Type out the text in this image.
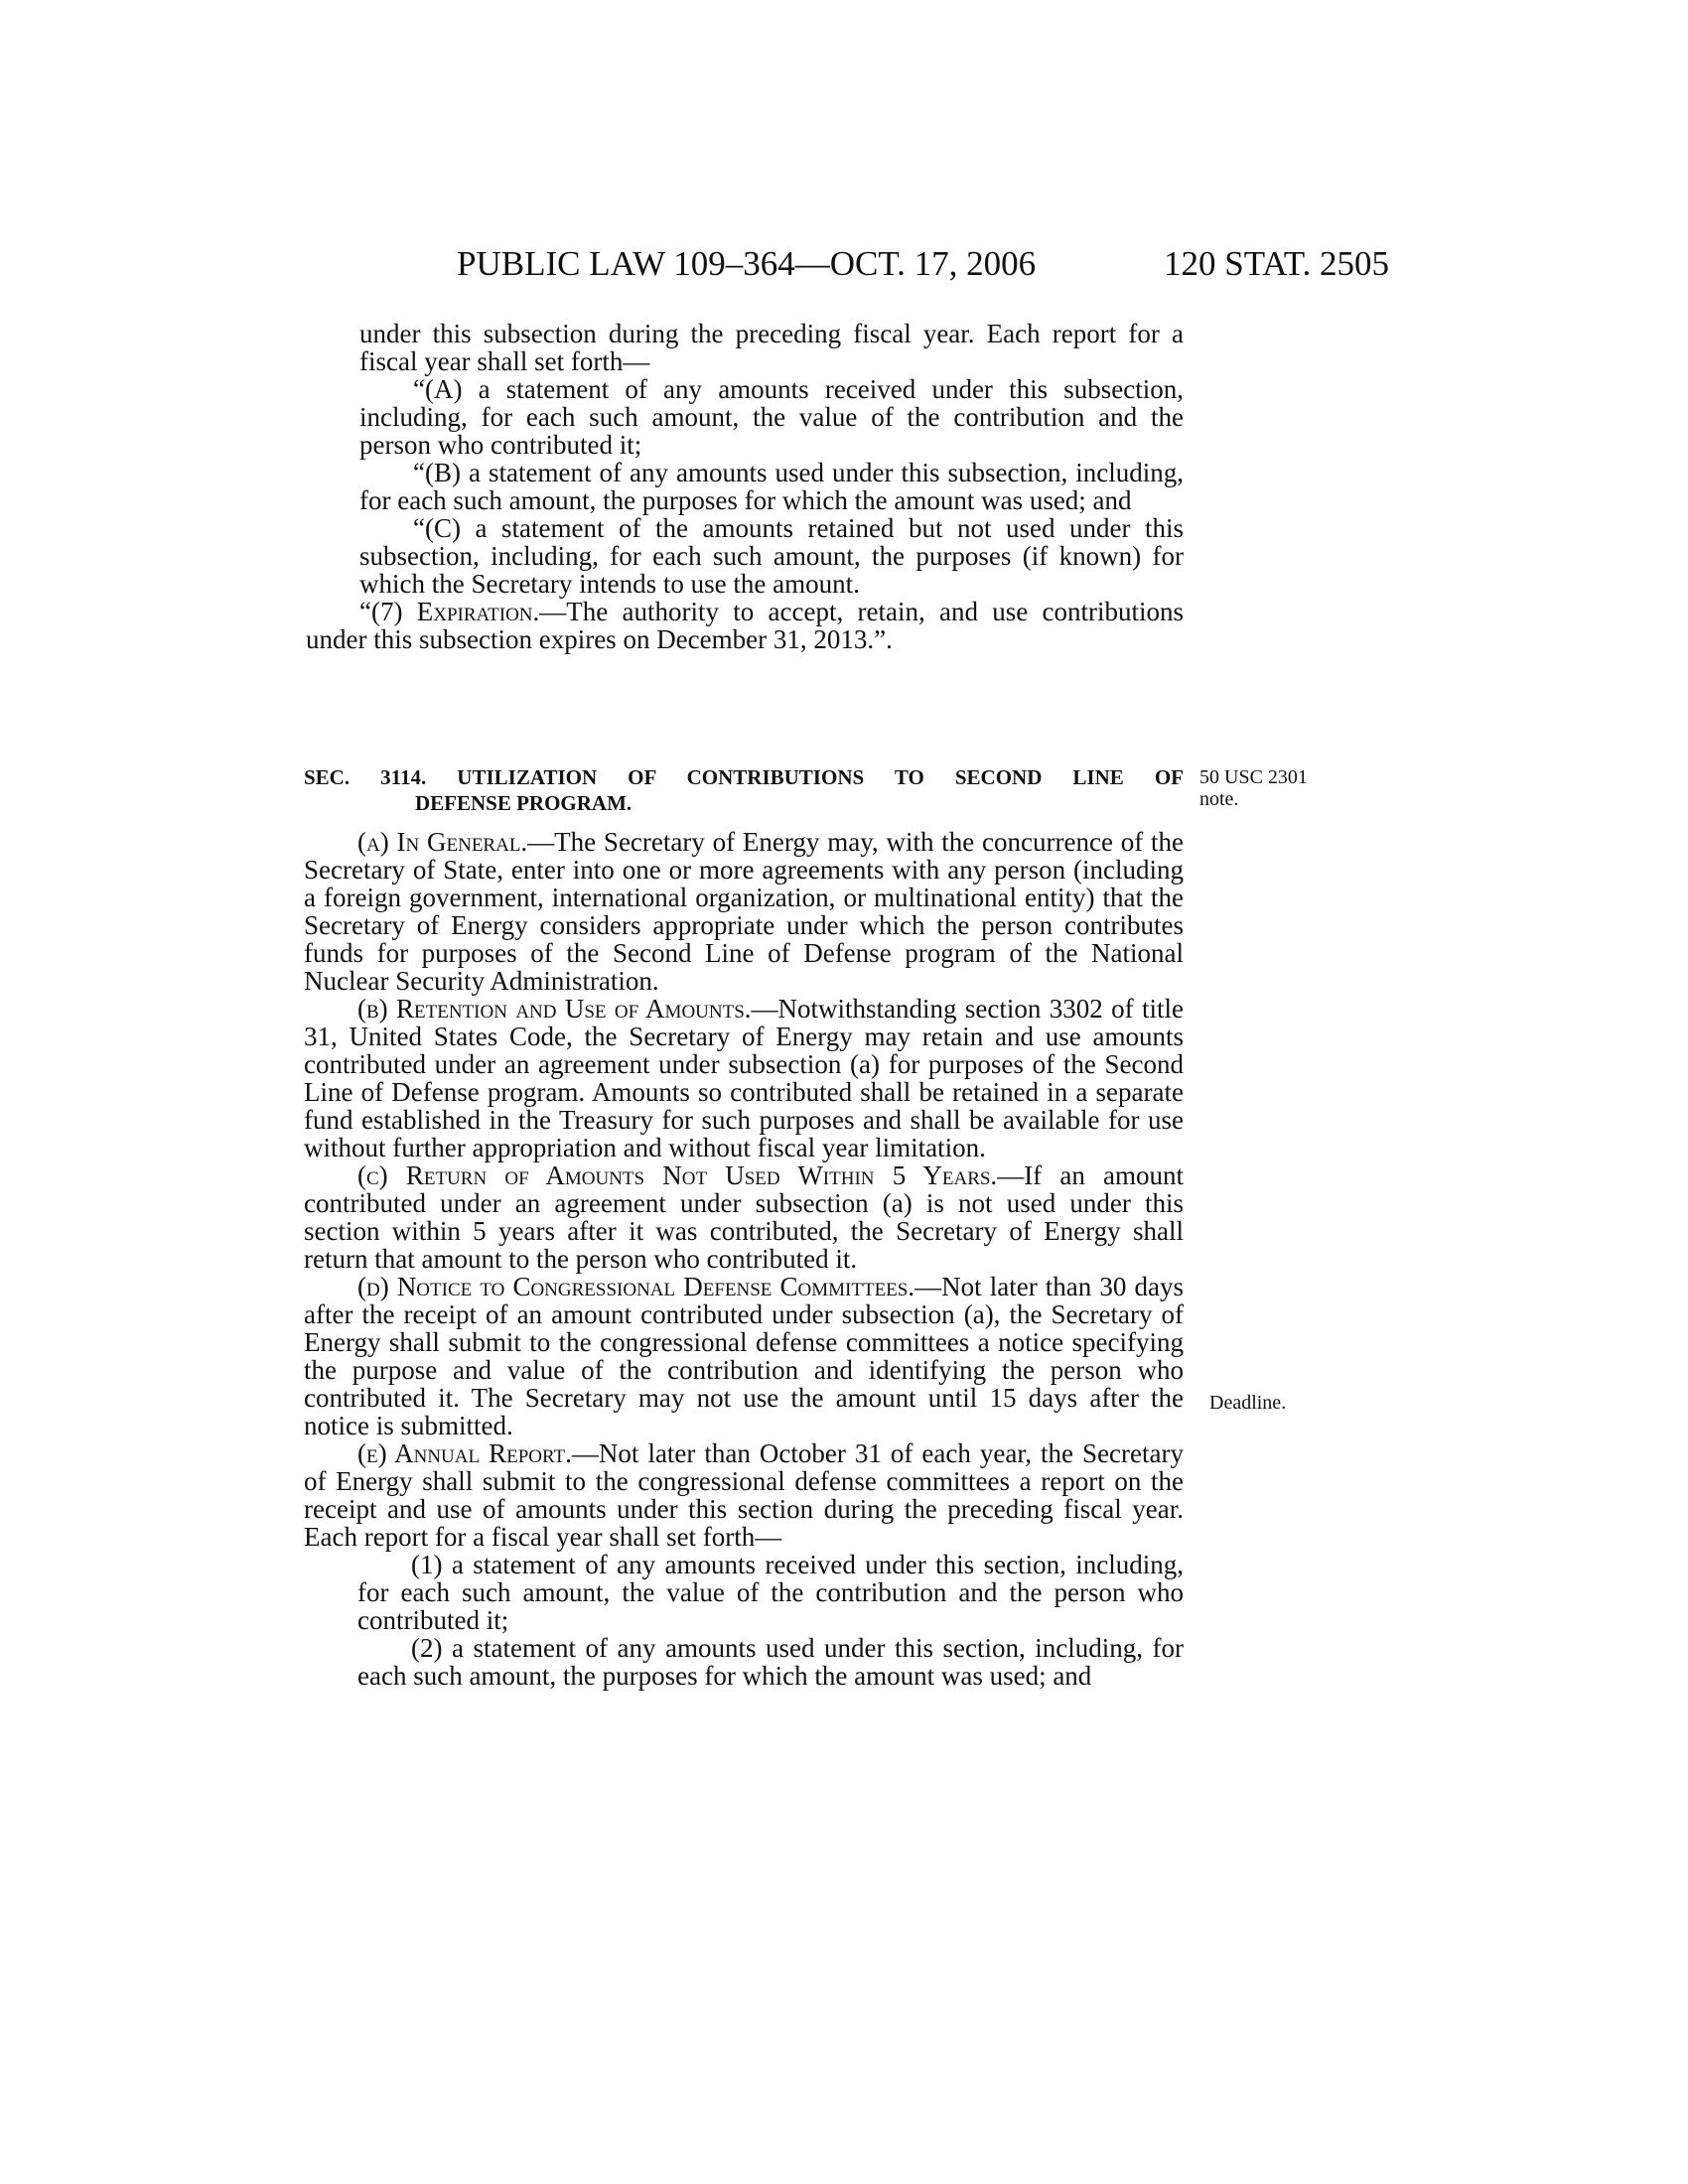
PUBLIC LAW 109–364—OCT. 17, 2006	120 STAT. 2505

under this subsection during the preceding fiscal year. Each report for a fiscal year shall set forth—

“(A) a statement of any amounts received under this subsection, including, for each such amount, the value of the contribution and the person who contributed it;

“(B) a statement of any amounts used under this subsection, including, for each such amount, the purposes for which the amount was used; and

“(C) a statement of the amounts retained but not used under this subsection, including, for each such amount, the purposes (if known) for which the Secretary intends to use the amount.

“(7) Expiration.—The authority to accept, retain, and use contributions under this subsection expires on December 31, 2013.”.

SEC. 3114. UTILIZATION OF CONTRIBUTIONS TO SECOND LINE OF
DEFENSE PROGRAM.
50 USC 2301
note.
Deadline.

(a) In General.—The Secretary of Energy may, with the concurrence of the Secretary of State, enter into one or more agreements with any person (including a foreign government, international organization, or multinational entity) that the Secretary of Energy considers appropriate under which the person contributes funds for purposes of the Second Line of Defense program of the National Nuclear Security Administration.

(b) Retention and Use of Amounts.—Notwithstanding section 3302 of title 31, United States Code, the Secretary of Energy may retain and use amounts contributed under an agreement under subsection (a) for purposes of the Second Line of Defense program. Amounts so contributed shall be retained in a separate fund established in the Treasury for such purposes and shall be available for use without further appropriation and without fiscal year limitation.

(c) Return of Amounts Not Used Within 5 Years.—If an amount contributed under an agreement under subsection (a) is not used under this section within 5 years after it was contributed, the Secretary of Energy shall return that amount to the person who contributed it.

(d) Notice to Congressional Defense Committees.—Not later than 30 days after the receipt of an amount contributed under subsection (a), the Secretary of Energy shall submit to the congressional defense committees a notice specifying the purpose and value of the contribution and identifying the person who contributed it. The Secretary may not use the amount until 15 days after the notice is submitted.

(e) Annual Report.—Not later than October 31 of each year, the Secretary of Energy shall submit to the congressional defense committees a report on the receipt and use of amounts under this section during the preceding fiscal year. Each report for a fiscal year shall set forth—

(1) a statement of any amounts received under this section, including, for each such amount, the value of the contribution and the person who contributed it;

(2) a statement of any amounts used under this section, including, for each such amount, the purposes for which the amount was used; and
